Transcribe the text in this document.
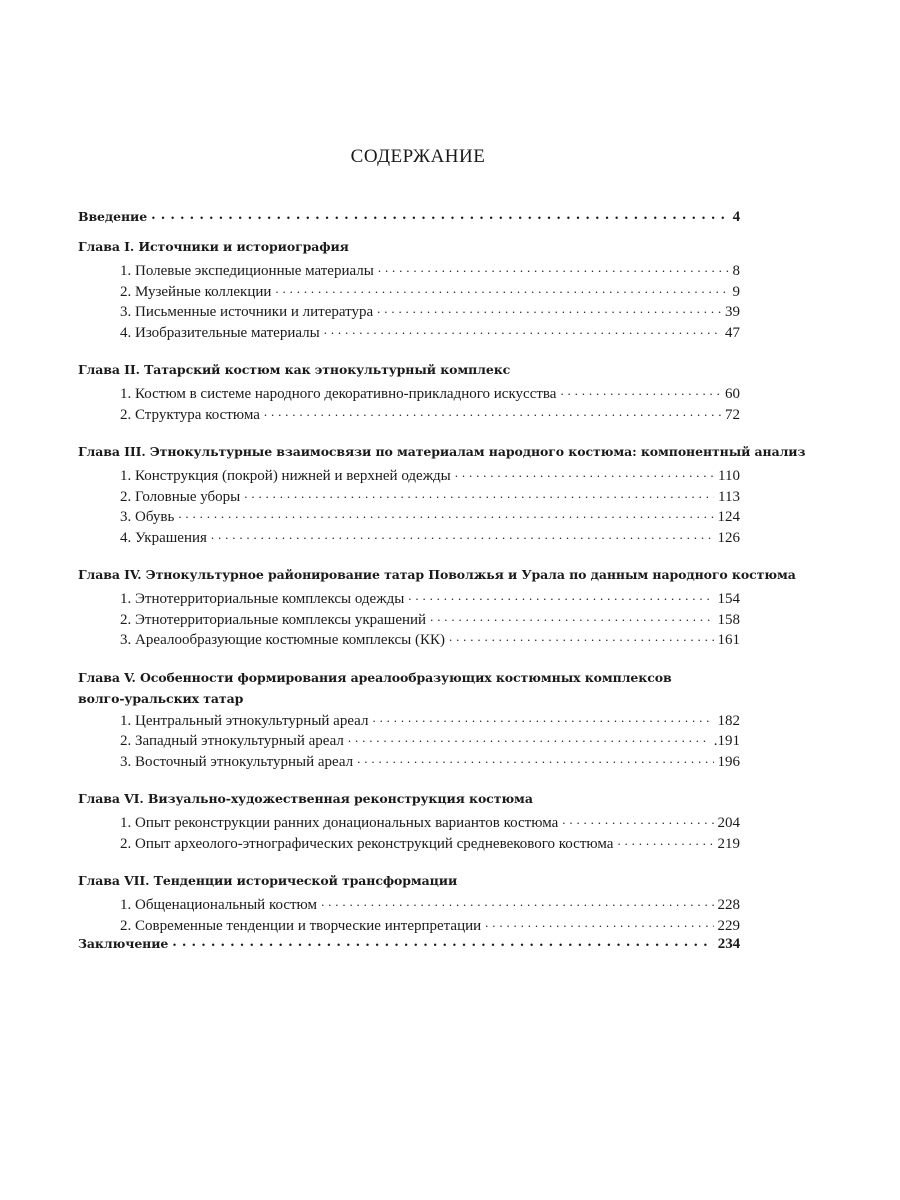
СОДЕРЖАНИЕ
Введение . . .	4
Глава I. Источники и историография
1. Полевые экспедиционные материалы . . .	8
2. Музейные коллекции . . .	9
3. Письменные источники и литература . . .	39
4. Изобразительные материалы . . .	47
Глава II. Татарский костюм как этнокультурный комплекс
1. Костюм в системе народного декоративно-прикладного искусства . . .	60
2. Структура костюма . . .	72
Глава III. Этнокультурные взаимосвязи по материалам народного костюма: компонентный анализ
1. Конструкция (покрой) нижней и верхней одежды . . .	110
2. Головные уборы . . .	113
3. Обувь . . .	124
4. Украшения . . .	126
Глава IV. Этнокультурное районирование татар Поволжья и Урала по данным народного костюма
1. Этнотерриториальные комплексы одежды . . .	154
2. Этнотерриториальные комплексы украшений . . .	158
3. Ареалообразующие костюмные комплексы (КК) . . .	161
Глава V. Особенности формирования ареалообразующих костюмных комплексов
волго-уральских татар
1. Центральный этнокультурный ареал . . .	182
2. Западный этнокультурный ареал . . .	.191
3. Восточный этнокультурный ареал . . .	196
Глава VI. Визуально-художественная реконструкция костюма
1. Опыт реконструкции ранних донациональных вариантов костюма . . .	204
2. Опыт археолого-этнографических реконструкций средневекового костюма . . .	219
Глава VII. Тенденции исторической трансформации
1. Общенациональный костюм . . .	228
2. Современные тенденции и творческие интерпретации . . .	229
Заключение . . .	234
